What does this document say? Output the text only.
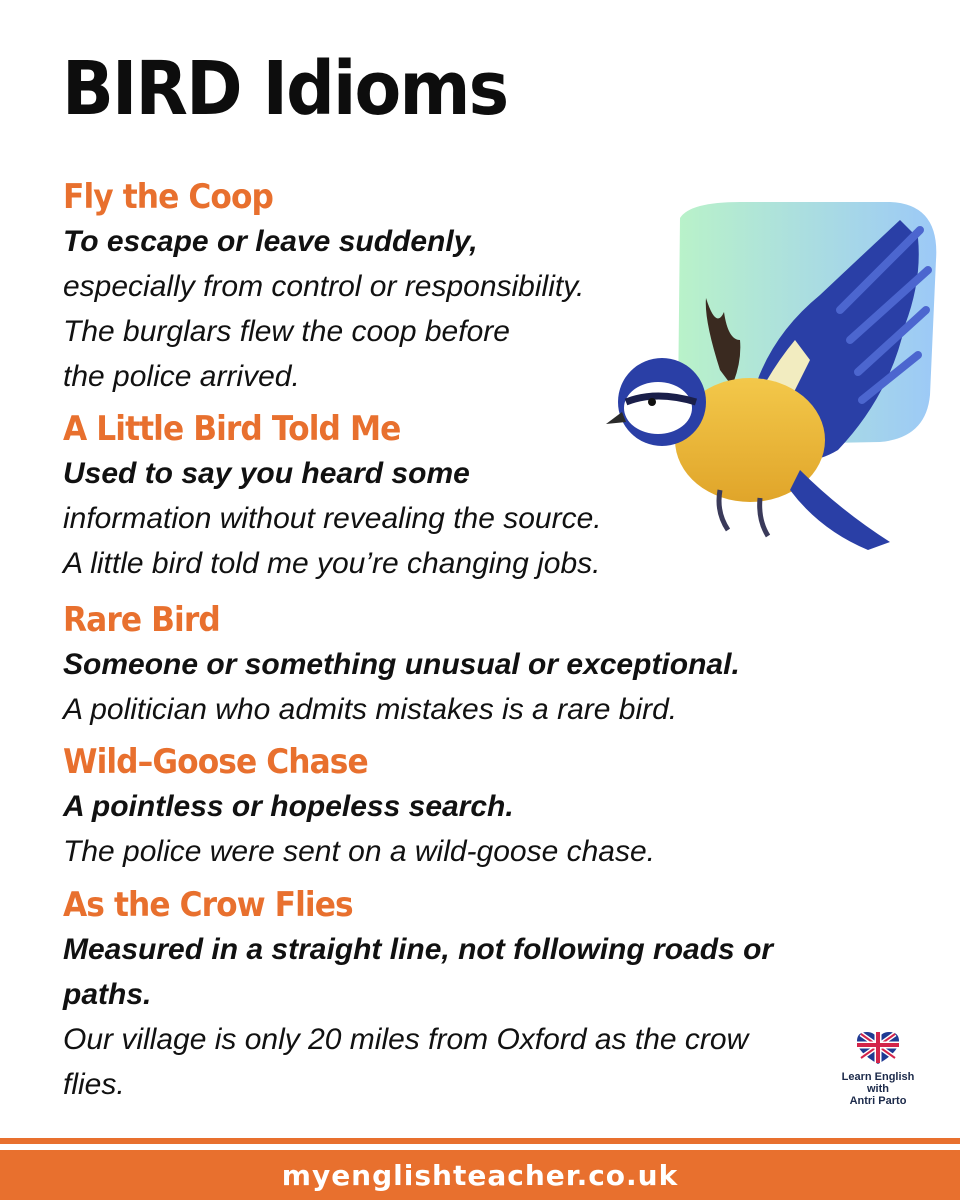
BIRD Idioms
Fly the Coop
To escape or leave suddenly,
especially from control or responsibility.
The burglars flew the coop before
the police arrived.
A Little Bird Told Me
Used to say you heard some
information without revealing the source.
A little bird told me you’re changing jobs.
Rare Bird
Someone or something unusual or exceptional.
A politician who admits mistakes is a rare bird.
Wild–Goose Chase
A pointless or hopeless search.
The police were sent on a wild-goose chase.
As the Crow Flies
Measured in a straight line, not following roads or paths.
Our village is only 20 miles from Oxford as the crow flies.	Learn English
with
Antri Parto
myenglishteacher.co.uk
